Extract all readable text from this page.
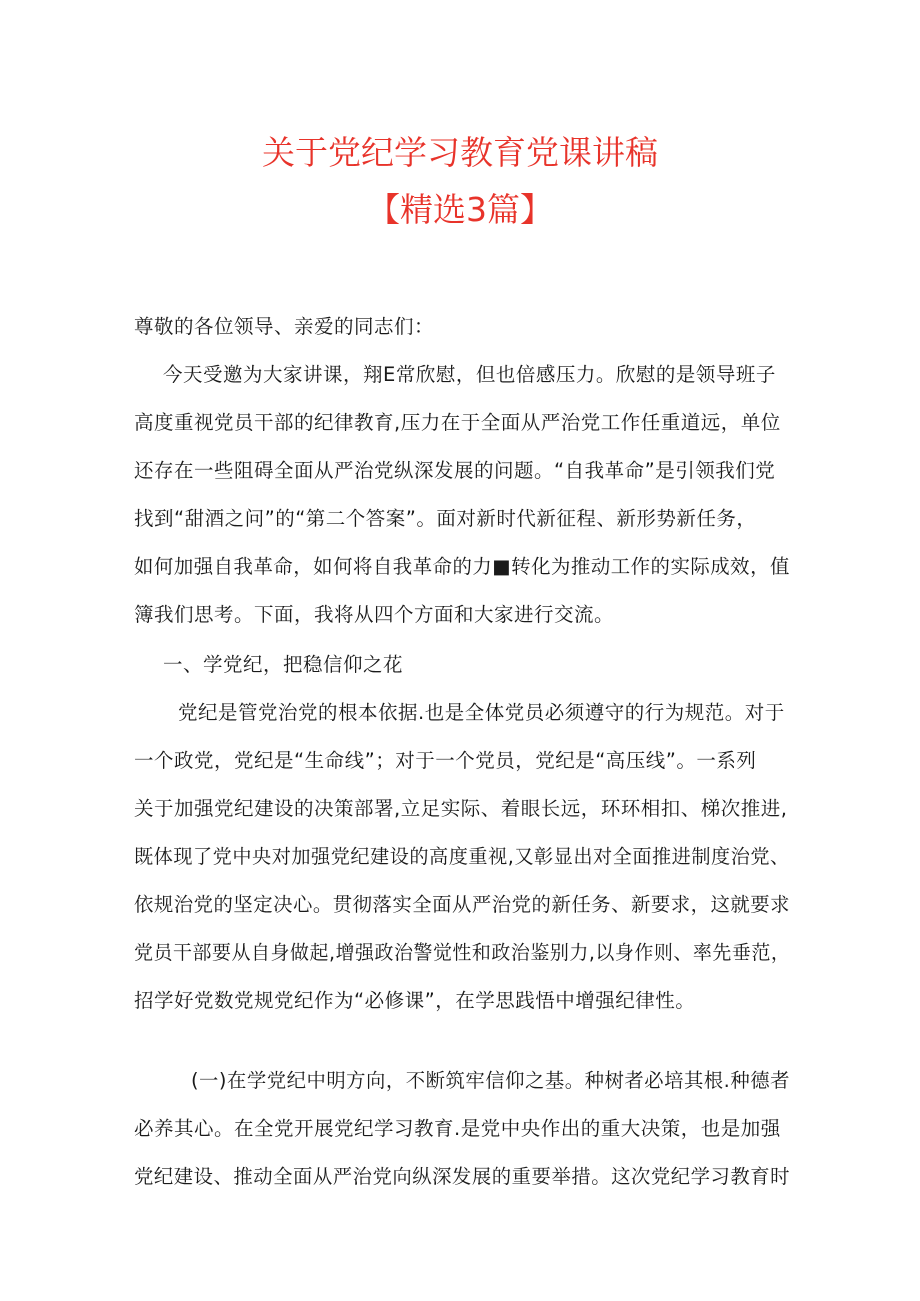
关于党纪学习教育党课讲稿
【精选3篇】
尊敬的各位领导、亲爱的同志们：
今天受邀为大家讲课，翔E常欣慰，但也倍感压力。欣慰的是领导班子
高度重视党员干部的纪律教育,压力在于全面从严治党工作任重道远，单位
还存在一些阻碍全面从严治党纵深发展的问题。“自我革命”是引领我们党
找到“甜酒之问”的“第二个答案”。面对新时代新征程、新形势新任务，
如何加强自我革命，如何将自我革命的力■转化为推动工作的实际成效，值
簿我们思考。下面，我将从四个方面和大家进行交流。
一、学党纪，把稳信仰之花
党纪是管党治党的根本依据.也是全体党员必须遵守的行为规范。对于
一个政党，党纪是“生命线”；对于一个党员，党纪是“高压线”。一系列
关于加强党纪建设的决策部署,立足实际、着眼长远，环环相扣、梯次推进,
既体现了党中央对加强党纪建设的高度重视,又彰显出对全面推进制度治党、
依规治党的坚定决心。贯彻落实全面从严治党的新任务、新要求，这就要求
党员干部要从自身做起,增强政治警觉性和政治鉴别力,以身作则、率先垂范，
招学好党数党规党纪作为“必修课”，在学思践悟中增强纪律性。
(一)在学党纪中明方向，不断筑牢信仰之基。种树者必培其根.种德者
必养其心。在全党开展党纪学习教育.是党中央作出的重大决策，也是加强
党纪建设、推动全面从严治党向纵深发展的重要举措。这次党纪学习教育时
